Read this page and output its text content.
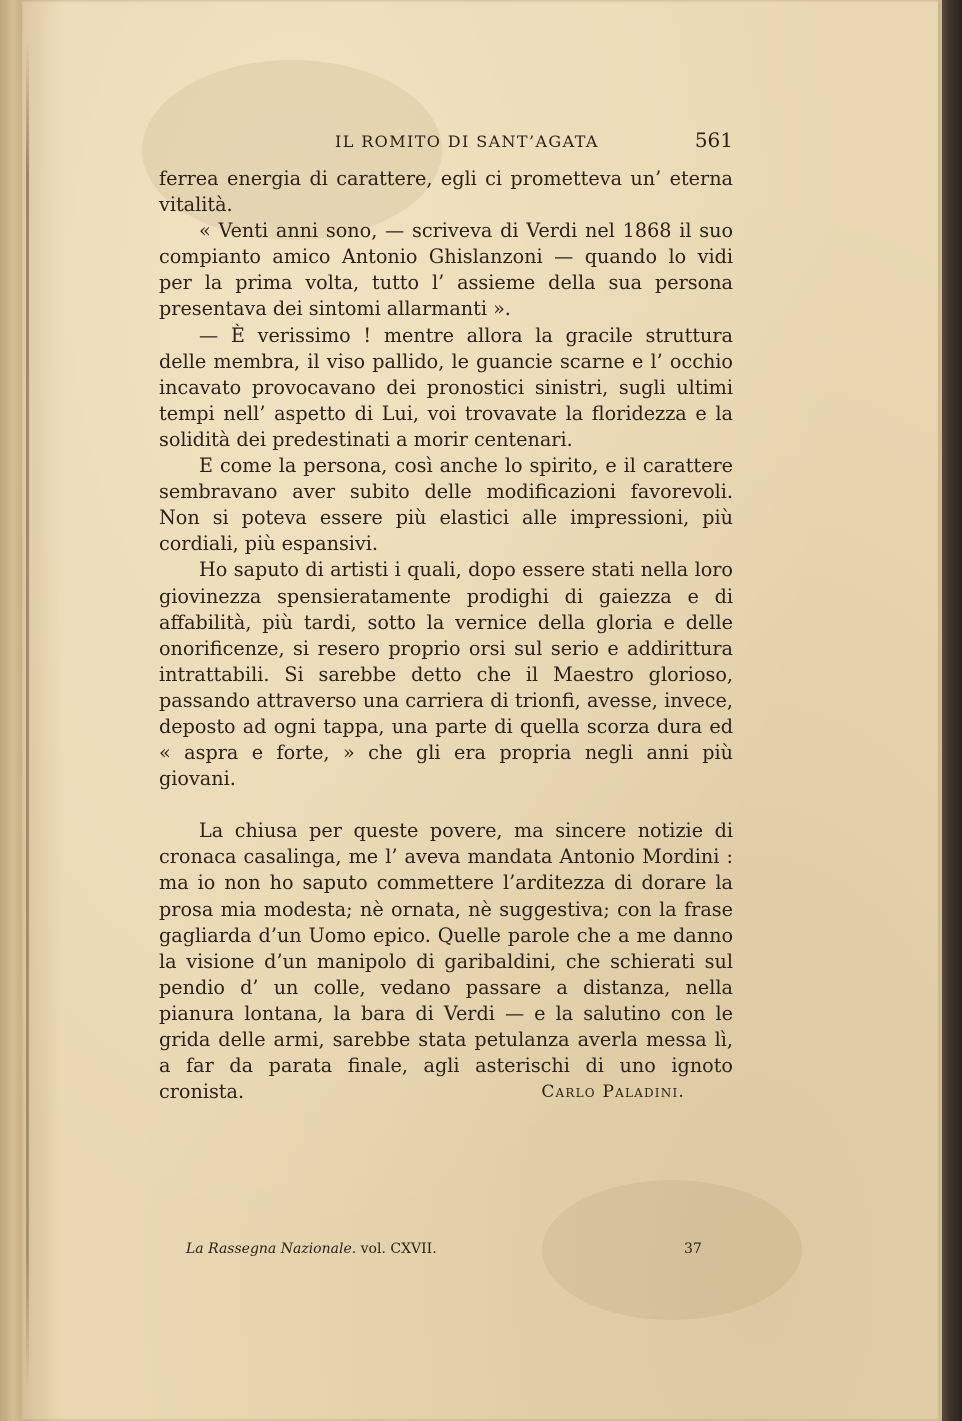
IL ROMITO DI SANT’AGATA	561

ferrea energia di carattere, egli ci prometteva un’ eterna vitalità.

« Venti anni sono, — scriveva di Verdi nel 1868 il suo compianto amico Antonio Ghislanzoni — quando lo vidi per la prima volta, tutto l’ assieme della sua persona presentava dei sintomi allarmanti ».

— È verissimo ! mentre allora la gracile struttura delle membra, il viso pallido, le guancie scarne e l’ occhio incavato provocavano dei pronostici sinistri, sugli ultimi tempi nell’ aspetto di Lui, voi trovavate la floridezza e la solidità dei predestinati a morir centenari.

E come la persona, così anche lo spirito, e il carattere sembravano aver subito delle modificazioni favorevoli. Non si poteva essere più elastici alle impressioni, più cordiali, più espansivi.

Ho saputo di artisti i quali, dopo essere stati nella loro giovinezza spensieratamente prodighi di gaiezza e di affabilità, più tardi, sotto la vernice della gloria e delle onorificenze, si resero proprio orsi sul serio e addirittura intrattabili. Si sarebbe detto che il Maestro glorioso, passando attraverso una carriera di trionfi, avesse, invece, deposto ad ogni tappa, una parte di quella scorza dura ed « aspra e forte, » che gli era propria negli anni più giovani.

La chiusa per queste povere, ma sincere notizie di cronaca casalinga, me l’ aveva mandata Antonio Mordini : ma io non ho saputo commettere l’arditezza di dorare la prosa mia modesta; nè ornata, nè suggestiva; con la frase gagliarda d’un Uomo epico. Quelle parole che a me danno la visione d’un manipolo di garibaldini, che schierati sul pendio d’ un colle, vedano passare a distanza, nella pianura lontana, la bara di Verdi — e la salutino con le grida delle armi, sarebbe stata petulanza averla messa lì, a far da parata finale, agli asterischi di uno ignoto cronista.	Carlo Paladini.
La Rassegna Nazionale. vol. CXVII.	37
